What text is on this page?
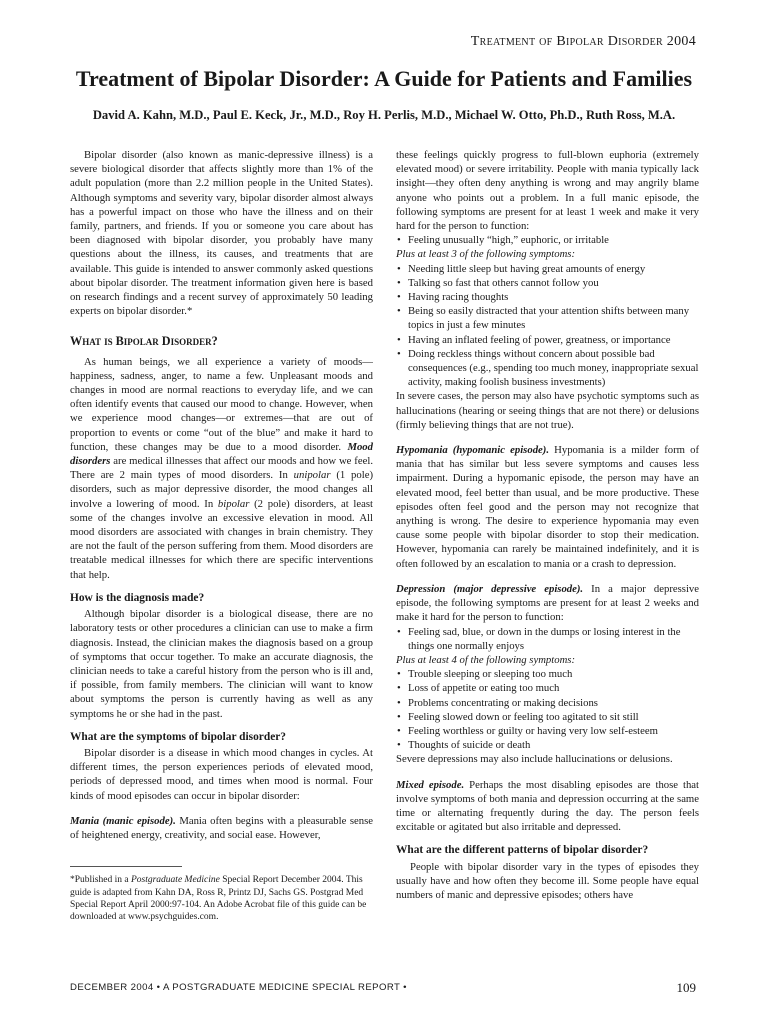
Treatment of Bipolar Disorder 2004
Treatment of Bipolar Disorder: A Guide for Patients and Families
David A. Kahn, M.D., Paul E. Keck, Jr., M.D., Roy H. Perlis, M.D., Michael W. Otto, Ph.D., Ruth Ross, M.A.

Bipolar disorder (also known as manic-depressive illness) is a severe biological disorder that affects slightly more than 1% of the adult population (more than 2.2 million people in the United States). Although symptoms and severity vary, bipolar disorder almost always has a powerful impact on those who have the illness and on their family, partners, and friends. If you or someone you care about has been diagnosed with bipolar disorder, you probably have many questions about the illness, its causes, and treatments that are available. This guide is intended to answer commonly asked questions about bipolar disorder. The treatment information given here is based on research findings and a recent survey of approximately 50 leading experts on bipolar disorder.*

What is Bipolar Disorder?

As human beings, we all experience a variety of moods—happiness, sadness, anger, to name a few. Unpleasant moods and changes in mood are normal reactions to everyday life, and we can often identify events that caused our mood to change. However, when we experience mood changes—or extremes—that are out of proportion to events or come “out of the blue” and make it hard to function, these changes may be due to a mood disorder. Mood disorders are medical illnesses that affect our moods and how we feel. There are 2 main types of mood disorders. In unipolar (1 pole) disorders, such as major depressive disorder, the mood changes all involve a lowering of mood. In bipolar (2 pole) disorders, at least some of the changes involve an excessive elevation in mood. All mood disorders are associated with changes in brain chemistry. They are not the fault of the person suffering from them. Mood disorders are treatable medical illnesses for which there are specific interventions that help.

How is the diagnosis made?

Although bipolar disorder is a biological disease, there are no laboratory tests or other procedures a clinician can use to make a firm diagnosis. Instead, the clinician makes the diagnosis based on a group of symptoms that occur together. To make an accurate diagnosis, the clinician needs to take a careful history from the person who is ill and, if possible, from family members. The clinician will want to know about symptoms the person is currently having as well as any symptoms he or she had in the past.

What are the symptoms of bipolar disorder?

Bipolar disorder is a disease in which mood changes in cycles. At different times, the person experiences periods of elevated mood, periods of depressed mood, and times when mood is normal. Four kinds of mood episodes can occur in bipolar disorder:

Mania (manic episode). Mania often begins with a pleasurable sense of heightened energy, creativity, and social ease. However,

*Published in a Postgraduate Medicine Special Report December 2004. This guide is adapted from Kahn DA, Ross R, Printz DJ, Sachs GS. Postgrad Med Special Report April 2000:97-104. An Adobe Acrobat file of this guide can be downloaded at www.psychguides.com.

these feelings quickly progress to full-blown euphoria (extremely elevated mood) or severe irritability. People with mania typically lack insight—they often deny anything is wrong and may angrily blame anyone who points out a problem. In a full manic episode, the following symptoms are present for at least 1 week and make it very hard for the person to function:

• Feeling unusually “high,” euphoric, or irritable
Plus at least 3 of the following symptoms:
• Needing little sleep but having great amounts of energy
• Talking so fast that others cannot follow you
• Having racing thoughts
• Being so easily distracted that your attention shifts between many topics in just a few minutes
• Having an inflated feeling of power, greatness, or importance
• Doing reckless things without concern about possible bad consequences (e.g., spending too much money, inappropriate sexual activity, making foolish business investments)

In severe cases, the person may also have psychotic symptoms such as hallucinations (hearing or seeing things that are not there) or delusions (firmly believing things that are not true).

Hypomania (hypomanic episode). Hypomania is a milder form of mania that has similar but less severe symptoms and causes less impairment. During a hypomanic episode, the person may have an elevated mood, feel better than usual, and be more productive. These episodes often feel good and the person may not recognize that anything is wrong. The desire to experience hypomania may even cause some people with bipolar disorder to stop their medication. However, hypomania can rarely be maintained indefinitely, and it is often followed by an escalation to mania or a crash to depression.

Depression (major depressive episode). In a major depressive episode, the following symptoms are present for at least 2 weeks and make it hard for the person to function:

• Feeling sad, blue, or down in the dumps or losing interest in the things one normally enjoys
Plus at least 4 of the following symptoms:
• Trouble sleeping or sleeping too much
• Loss of appetite or eating too much
• Problems concentrating or making decisions
• Feeling slowed down or feeling too agitated to sit still
• Feeling worthless or guilty or having very low self-esteem
• Thoughts of suicide or death

Severe depressions may also include hallucinations or delusions.

Mixed episode. Perhaps the most disabling episodes are those that involve symptoms of both mania and depression occurring at the same time or alternating frequently during the day. The person feels excitable or agitated but also irritable and depressed.

What are the different patterns of bipolar disorder?

People with bipolar disorder vary in the types of episodes they usually have and how often they become ill. Some people have equal numbers of manic and depressive episodes; others have

DECEMBER 2004 • A POSTGRADUATE MEDICINE SPECIAL REPORT •	109
